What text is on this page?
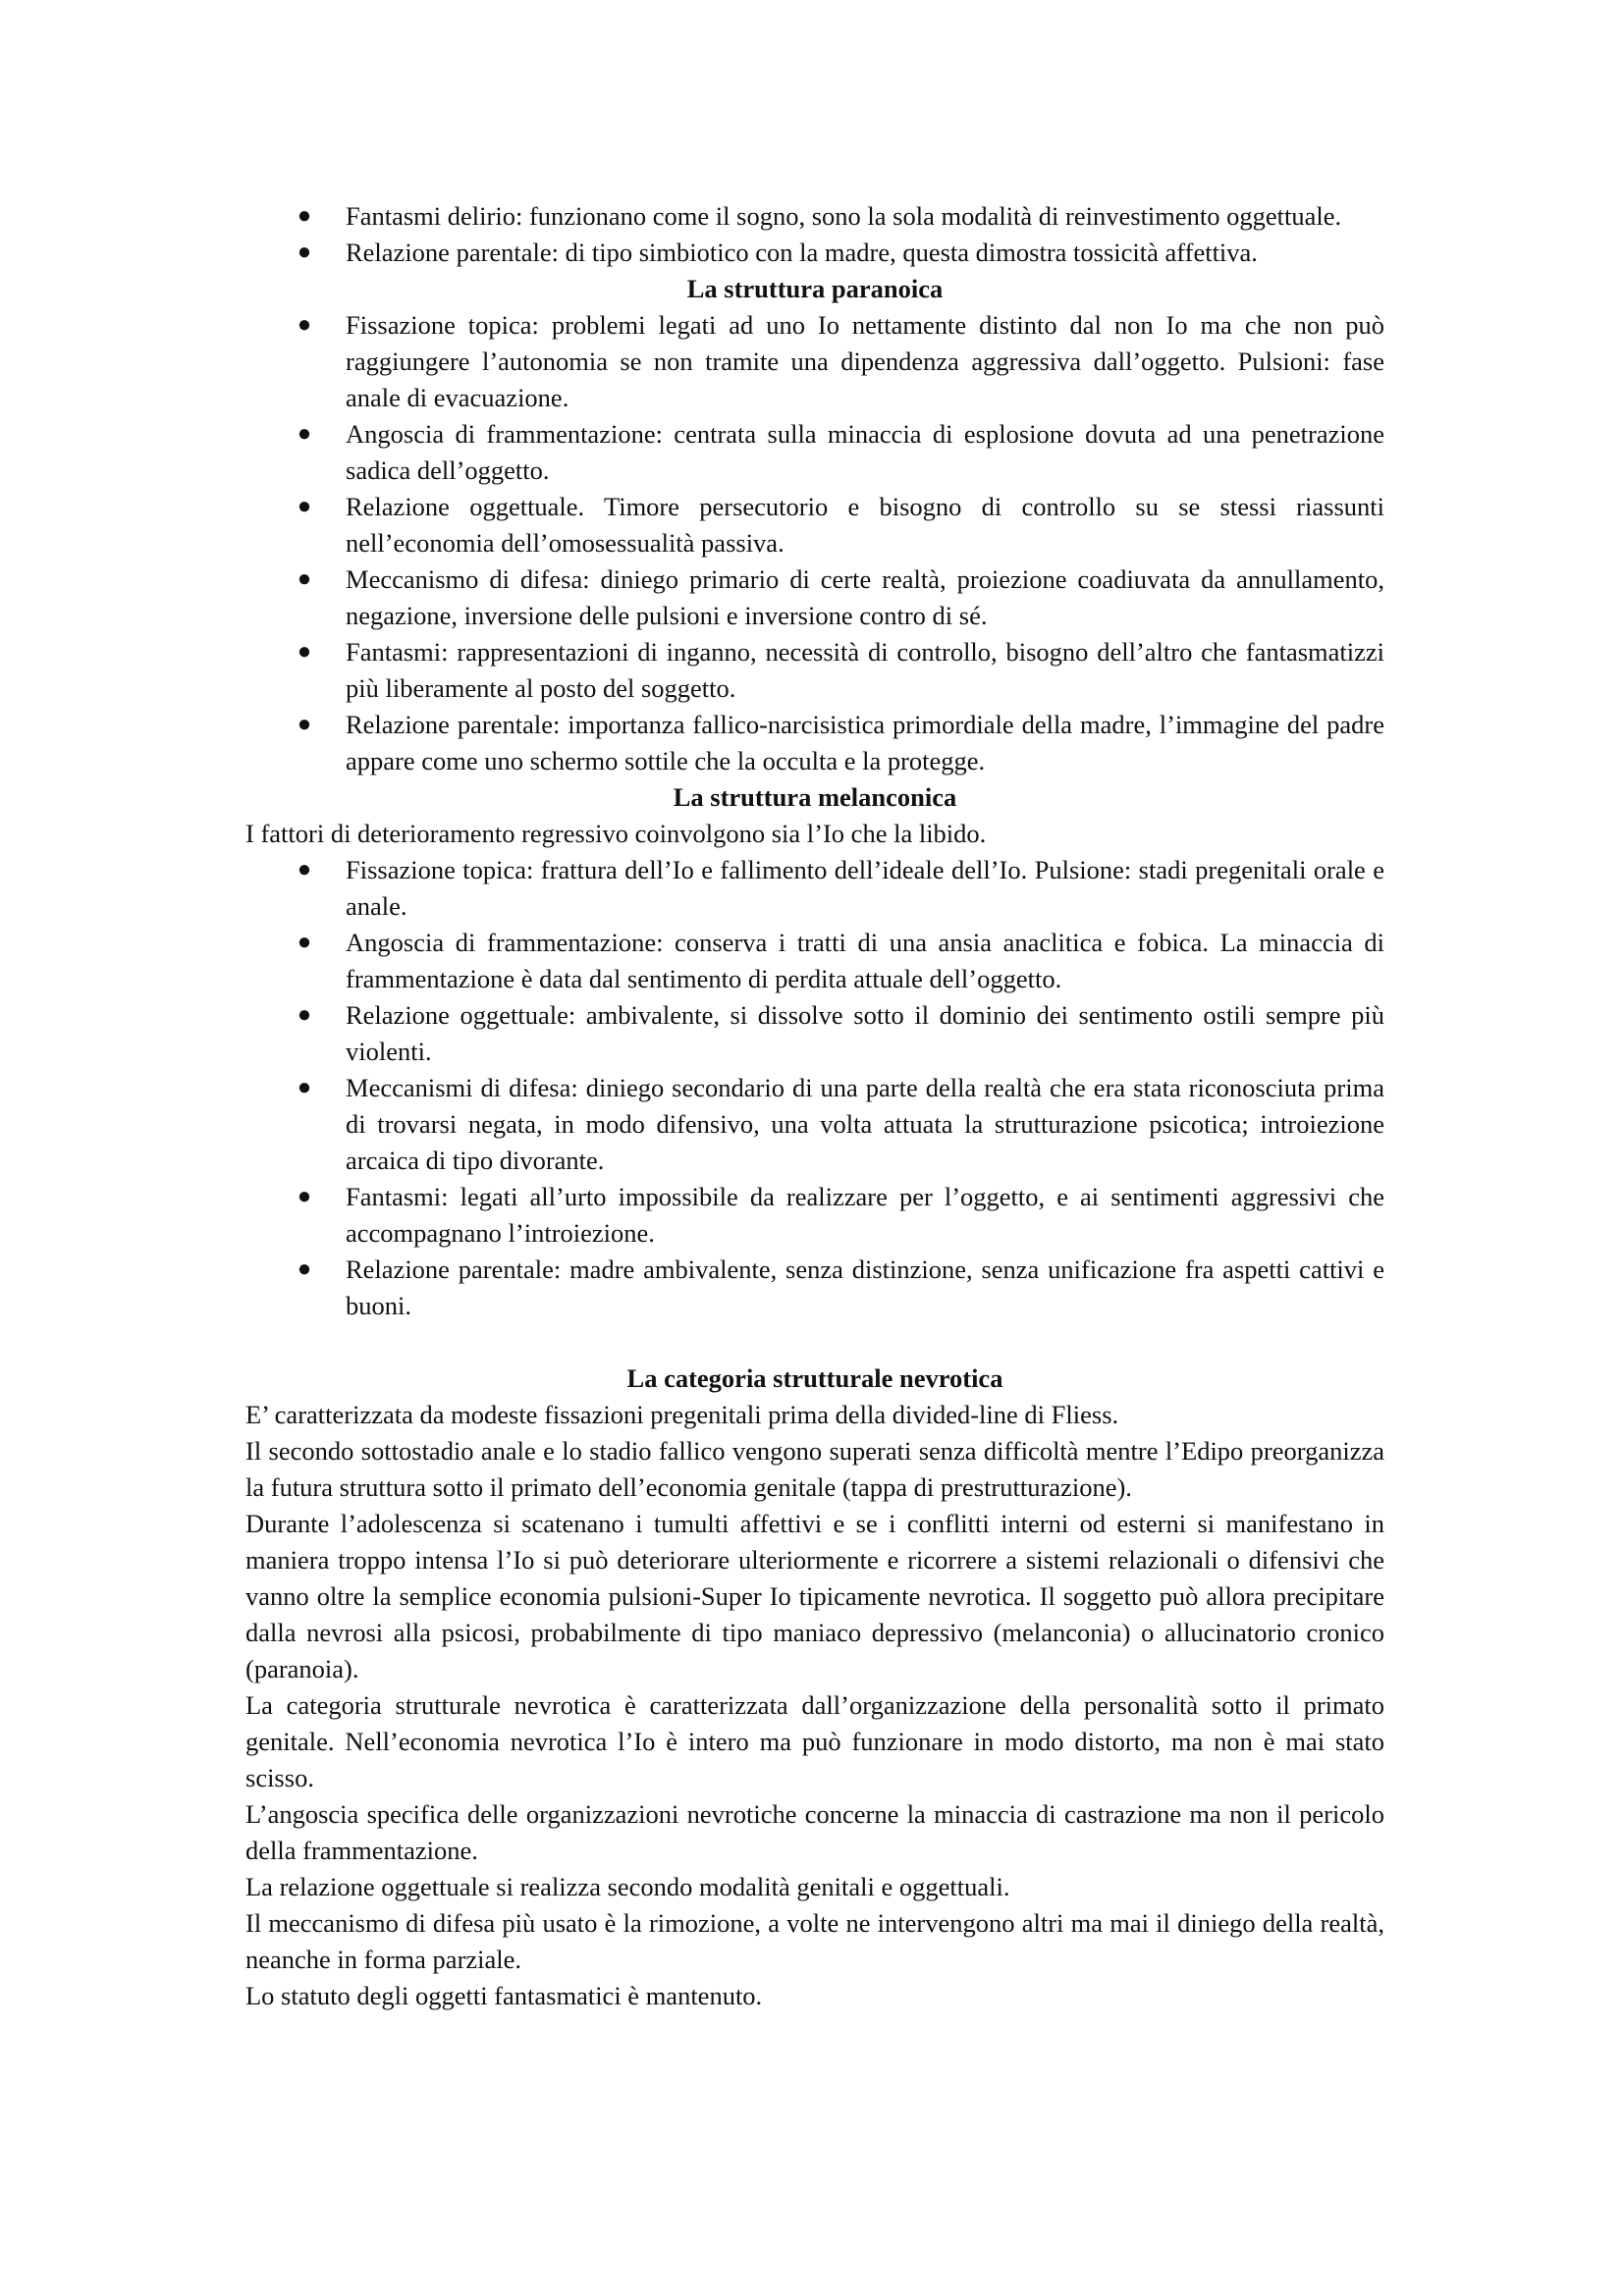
● Fantasmi delirio: funzionano come il sogno, sono la sola modalità di reinvestimento oggettuale.
● Relazione parentale: di tipo simbiotico con la madre, questa dimostra tossicità affettiva.
La struttura paranoica
● Fissazione topica: problemi legati ad uno Io nettamente distinto dal non Io ma che non può raggiungere l’autonomia se non tramite una dipendenza aggressiva dall’oggetto. Pulsioni: fase anale di evacuazione.
● Angoscia di frammentazione: centrata sulla minaccia di esplosione dovuta ad una penetrazione sadica dell’oggetto.
● Relazione oggettuale. Timore persecutorio e bisogno di controllo su se stessi riassunti nell’economia dell’omosessualità passiva.
● Meccanismo di difesa: diniego primario di certe realtà, proiezione coadiuvata da annullamento, negazione, inversione delle pulsioni e inversione contro di sé.
● Fantasmi: rappresentazioni di inganno, necessità di controllo, bisogno dell’altro che fantasmatizzi più liberamente al posto del soggetto.
● Relazione parentale: importanza fallico-narcisistica primordiale della madre, l’immagine del padre appare come uno schermo sottile che la occulta e la protegge.
La struttura melanconica

I fattori di deterioramento regressivo coinvolgono sia l’Io che la libido.

● Fissazione topica: frattura dell’Io e fallimento dell’ideale dell’Io. Pulsione: stadi pregenitali orale e anale.
● Angoscia di frammentazione: conserva i tratti di una ansia anaclitica e fobica. La minaccia di frammentazione è data dal sentimento di perdita attuale dell’oggetto.
● Relazione oggettuale: ambivalente, si dissolve sotto il dominio dei sentimento ostili sempre più violenti.
● Meccanismi di difesa: diniego secondario di una parte della realtà che era stata riconosciuta prima di trovarsi negata, in modo difensivo, una volta attuata la strutturazione psicotica; introiezione arcaica di tipo divorante.
● Fantasmi: legati all’urto impossibile da realizzare per l’oggetto, e ai sentimenti aggressivi che accompagnano l’introiezione.
● Relazione parentale: madre ambivalente, senza distinzione, senza unificazione fra aspetti cattivi e buoni.
La categoria strutturale nevrotica

E’ caratterizzata da modeste fissazioni pregenitali prima della divided-line di Fliess.

Il secondo sottostadio anale e lo stadio fallico vengono superati senza difficoltà mentre l’Edipo preorganizza la futura struttura sotto il primato dell’economia genitale (tappa di prestrutturazione).

Durante l’adolescenza si scatenano i tumulti affettivi e se i conflitti interni od esterni si manifestano in maniera troppo intensa l’Io si può deteriorare ulteriormente e ricorrere a sistemi relazionali o difensivi che vanno oltre la semplice economia pulsioni-Super Io tipicamente nevrotica. Il soggetto può allora precipitare dalla nevrosi alla psicosi, probabilmente di tipo maniaco depressivo (melanconia) o allucinatorio cronico (paranoia).

La categoria strutturale nevrotica è caratterizzata dall’organizzazione della personalità sotto il primato genitale. Nell’economia nevrotica l’Io è intero ma può funzionare in modo distorto, ma non è mai stato scisso.

L’angoscia specifica delle organizzazioni nevrotiche concerne la minaccia di castrazione ma non il pericolo della frammentazione.

La relazione oggettuale si realizza secondo modalità genitali e oggettuali.

Il meccanismo di difesa più usato è la rimozione, a volte ne intervengono altri ma mai il diniego della realtà, neanche in forma parziale.

Lo statuto degli oggetti fantasmatici è mantenuto.
